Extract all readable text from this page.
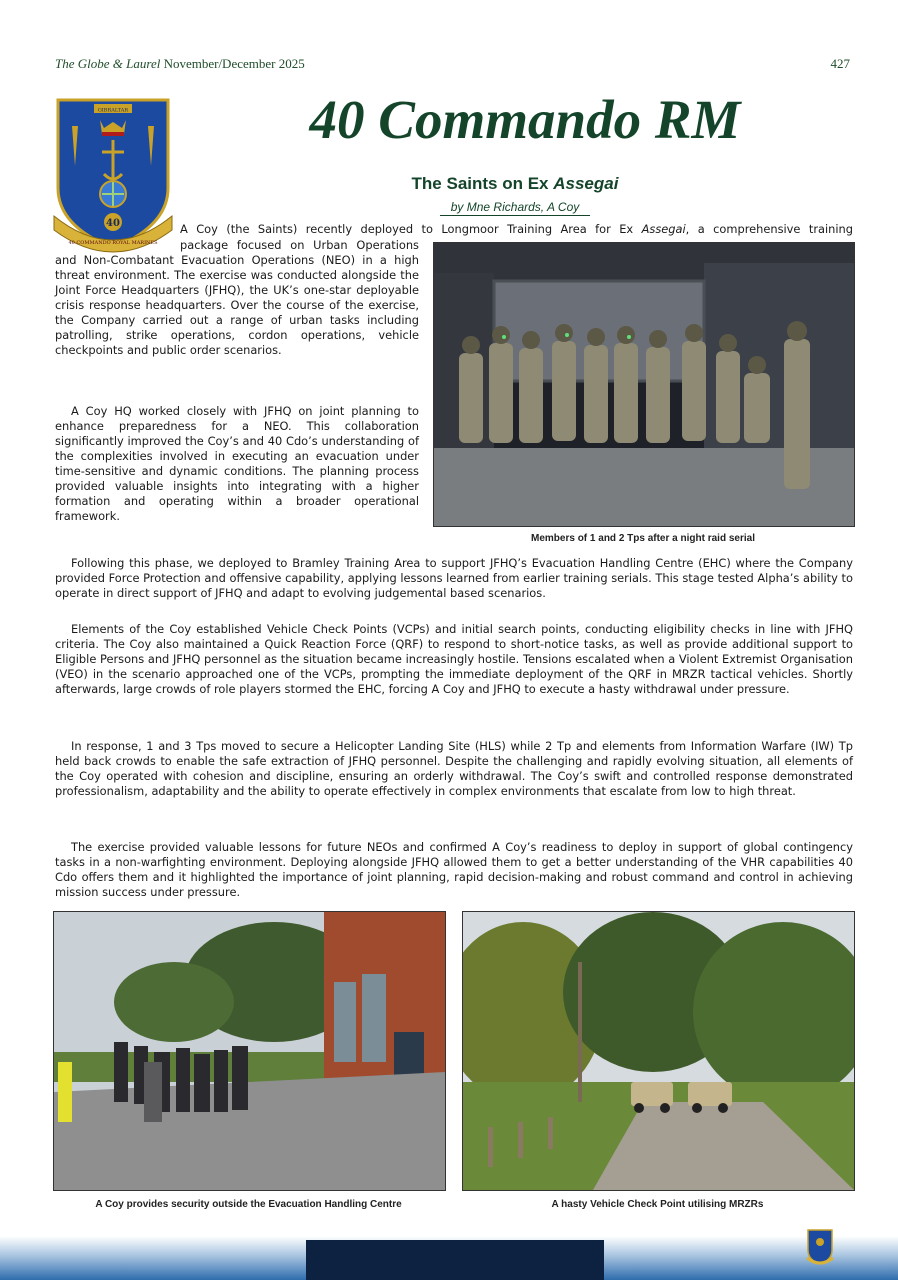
The Globe & Laurel November/December 2025	427
GIBRALTAR
40
40 COMMANDO ROYAL MARINES
40 Commando RM
The Saints on Ex Assegai
by Mne Richards, A Coy

A Coy (the Saints) recently deployed to Longmoor Training Area for Ex Assegai, a comprehensive training

package focused on Urban Operations and Non-Combatant Evacuation Operations (NEO) in a high threat environment. The exercise was conducted alongside the Joint Force Headquarters (JFHQ), the UK’s one-star deployable crisis response headquarters. Over the course of the exercise, the Company carried out a range of urban tasks including patrolling, strike operations, cordon operations, vehicle checkpoints and public order scenarios.

A Coy HQ worked closely with JFHQ on joint planning to enhance preparedness for a NEO. This collaboration significantly improved the Coy’s and 40 Cdo’s understanding of the complexities involved in executing an evacuation under time-sensitive and dynamic conditions. The planning process provided valuable insights into integrating with a higher formation and operating within a broader operational framework.

Members of 1 and 2 Tps after a night raid serial

Following this phase, we deployed to Bramley Training Area to support JFHQ’s Evacuation Handling Centre (EHC) where the Company provided Force Protection and offensive capability, applying lessons learned from earlier training serials. This stage tested Alpha’s ability to operate in direct support of JFHQ and adapt to evolving judgemental based scenarios.

Elements of the Coy established Vehicle Check Points (VCPs) and initial search points, conducting eligibility checks in line with JFHQ criteria. The Coy also maintained a Quick Reaction Force (QRF) to respond to short-notice tasks, as well as provide additional support to Eligible Persons and JFHQ personnel as the situation became increasingly hostile. Tensions escalated when a Violent Extremist Organisation (VEO) in the scenario approached one of the VCPs, prompting the immediate deployment of the QRF in MRZR tactical vehicles. Shortly afterwards, large crowds of role players stormed the EHC, forcing A Coy and JFHQ to execute a hasty withdrawal under pressure.

In response, 1 and 3 Tps moved to secure a Helicopter Landing Site (HLS) while 2 Tp and elements from Information Warfare (IW) Tp held back crowds to enable the safe extraction of JFHQ personnel. Despite the challenging and rapidly evolving situation, all elements of the Coy operated with cohesion and discipline, ensuring an orderly withdrawal. The Coy’s swift and controlled response demonstrated professionalism, adaptability and the ability to operate effectively in complex environments that escalate from low to high threat.

The exercise provided valuable lessons for future NEOs and confirmed A Coy’s readiness to deploy in support of global contingency tasks in a non-warfighting environment. Deploying alongside JFHQ allowed them to get a better understanding of the VHR capabilities 40 Cdo offers them and it highlighted the importance of joint planning, rapid decision-making and robust command and control in achieving mission success under pressure.

A Coy provides security outside the Evacuation Handling Centre	A hasty Vehicle Check Point utilising MRZRs
